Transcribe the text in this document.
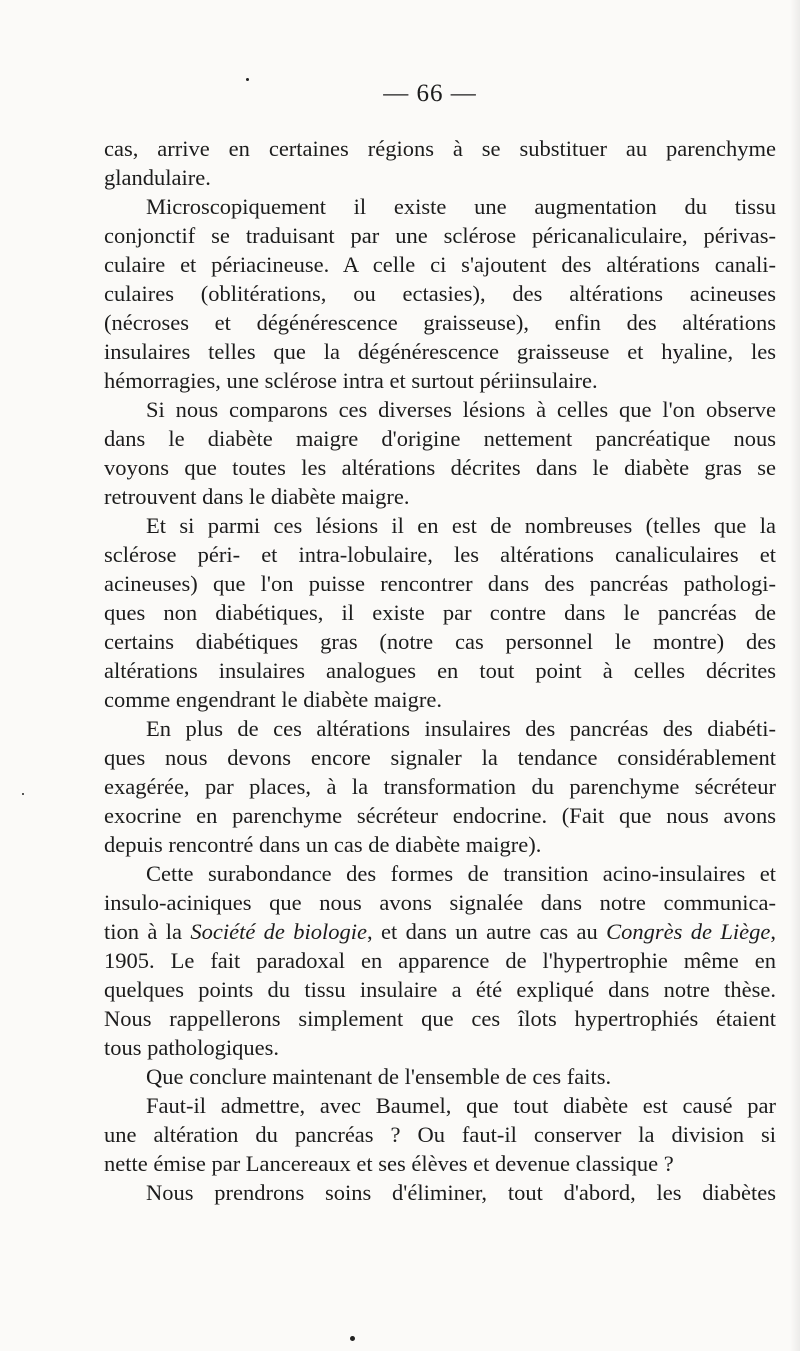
— 66 —
cas, arrive en certaines régions à se substituer au parenchyme
glandulaire.
Microscopiquement il existe une augmentation du tissu
conjonctif se traduisant par une sclérose péricanaliculaire, périvas-
culaire et périacineuse. A celle ci s'ajoutent des altérations canali-
culaires (oblitérations, ou ectasies), des altérations acineuses
(nécroses et dégénérescence graisseuse), enfin des altérations
insulaires telles que la dégénérescence graisseuse et hyaline, les
hémorragies, une sclérose intra et surtout périinsulaire.
Si nous comparons ces diverses lésions à celles que l'on observe
dans le diabète maigre d'origine nettement pancréatique nous
voyons que toutes les altérations décrites dans le diabète gras se
retrouvent dans le diabète maigre.
Et si parmi ces lésions il en est de nombreuses (telles que la
sclérose péri- et intra-lobulaire, les altérations canaliculaires et
acineuses) que l'on puisse rencontrer dans des pancréas pathologi-
ques non diabétiques, il existe par contre dans le pancréas de
certains diabétiques gras (notre cas personnel le montre) des
altérations insulaires analogues en tout point à celles décrites
comme engendrant le diabète maigre.
En plus de ces altérations insulaires des pancréas des diabéti-
ques nous devons encore signaler la tendance considérablement
exagérée, par places, à la transformation du parenchyme sécréteur
exocrine en parenchyme sécréteur endocrine. (Fait que nous avons
depuis rencontré dans un cas de diabète maigre).
Cette surabondance des formes de transition acino-insulaires et
insulo-aciniques que nous avons signalée dans notre communica-
tion à la Société de biologie, et dans un autre cas au Congrès de Liège,
1905. Le fait paradoxal en apparence de l'hypertrophie même en
quelques points du tissu insulaire a été expliqué dans notre thèse.
Nous rappellerons simplement que ces îlots hypertrophiés étaient
tous pathologiques.
Que conclure maintenant de l'ensemble de ces faits.
Faut-il admettre, avec Baumel, que tout diabète est causé par
une altération du pancréas ? Ou faut-il conserver la division si
nette émise par Lancereaux et ses élèves et devenue classique ?
Nous prendrons soins d'éliminer, tout d'abord, les diabètes
